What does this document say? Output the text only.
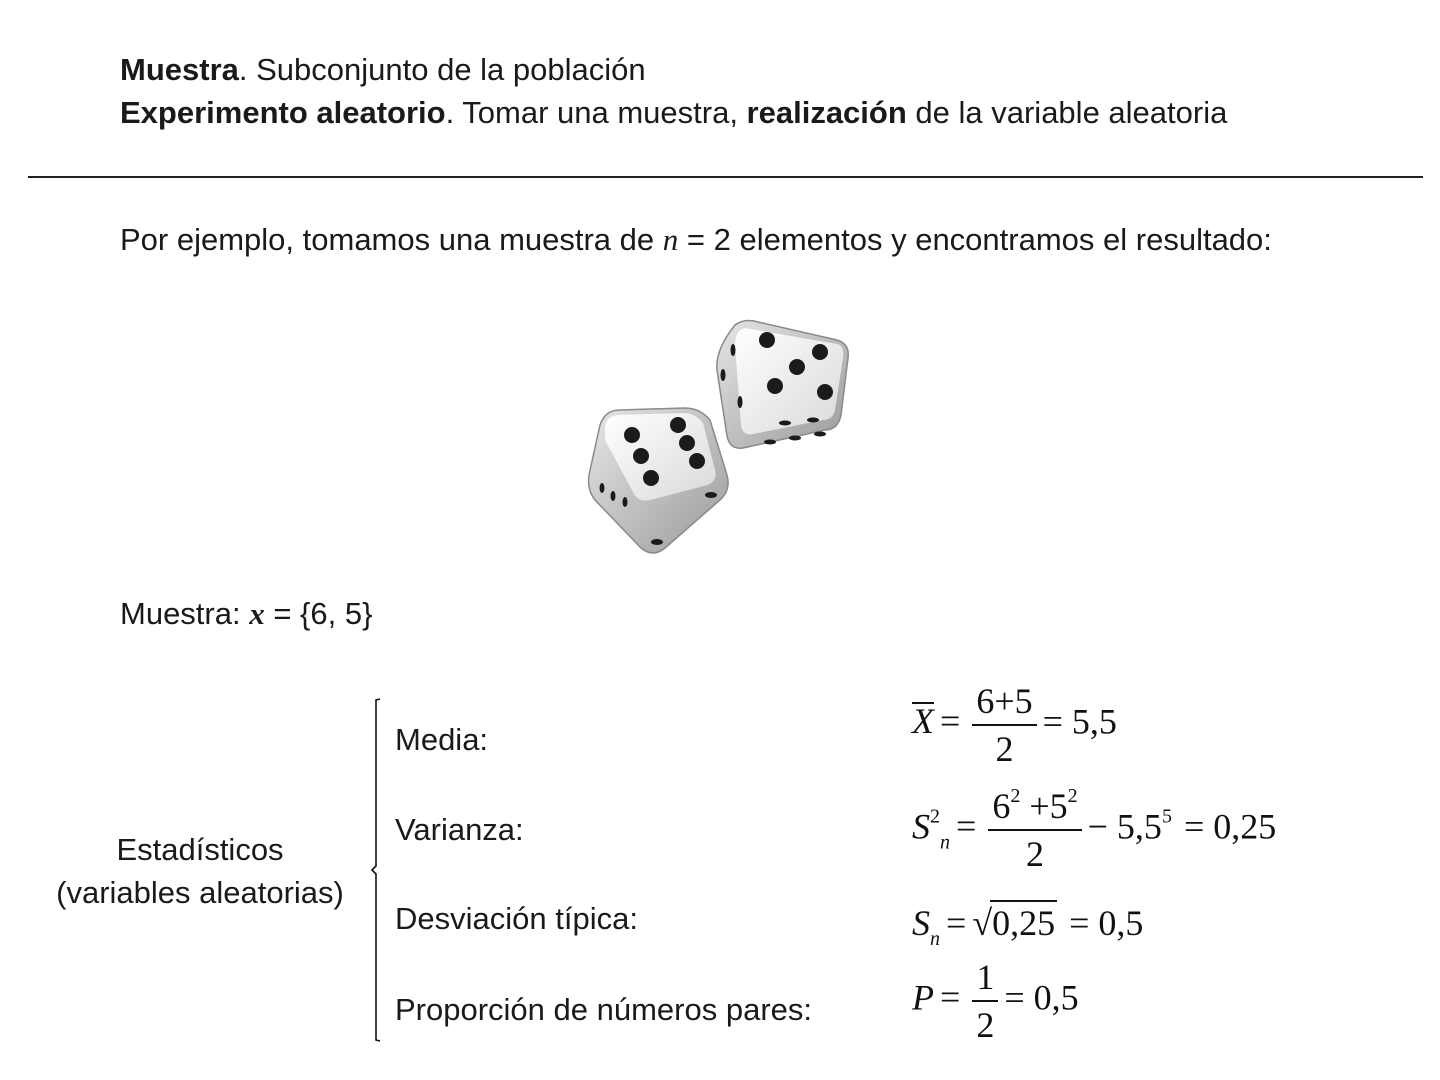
Muestra. Subconjunto de la población
Experimento aleatorio. Tomar una muestra, realización de la variable aleatoria
Por ejemplo, tomamos una muestra de n = 2 elementos y encontramos el resultado:
Muestra: x = {6, 5}
Estadísticos
(variables aleatorias)
Media:
Varianza:
Desviación típica:
Proporción de números pares:
$X = \frac{6+5}{2} = 5,5$
$S^2_n = \frac{6^2 +5^2}{2} - 5,5^5 = 0,25$
$S_n = √0,25 = 0,5$
$P = \frac{1}{2} = 0,5$
